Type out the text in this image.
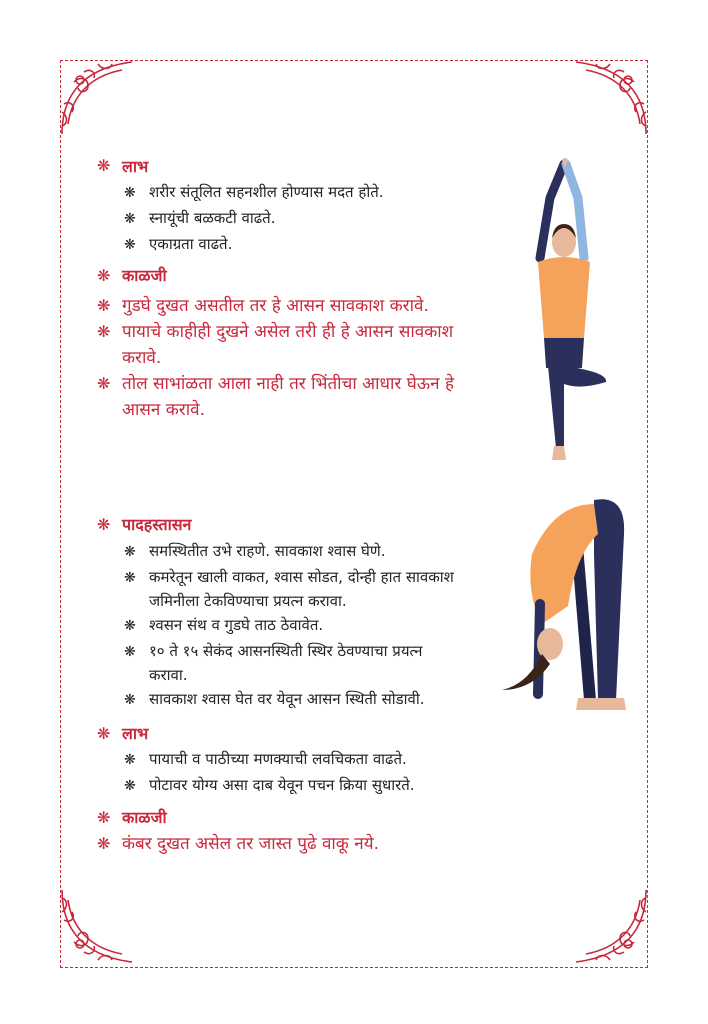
❋ लाभ
❋ शरीर संतूलित सहनशील होण्यास मदत होते.
❋ स्नायूंची बळकटी वाढते.
❋ एकाग्रता वाढते.
❋ काळजी
❋ गुडघे दुखत असतील तर हे आसन सावकाश करावे.
❋ पायाचे काहीही दुखने असेल तरी ही हे आसन सावकाश
करावे.
❋ तोल साभांळता आला नाही तर भिंतीचा आधार घेऊन हे
आसन करावे.
❋ पादहस्तासन
❋ समस्थितीत उभे राहणे. सावकाश श्‍वास घेणे.
❋ कमरेतून खाली वाकत, श्‍वास सोडत, दोन्ही हात सावकाश
जमिनीला टेकविण्याचा प्रयत्न करावा.
❋ श्‍वसन संथ व गुडघे ताठ ठेवावेत.
❋ १० ते १५ सेकंद आसनस्थिती स्थिर ठेवण्याचा प्रयत्न
करावा.
❋ सावकाश श्‍वास घेत वर येवून आसन स्थिती सोडावी.
❋ लाभ
❋ पायाची व पाठीच्या मणक्याची लवचिकता वाढते.
❋ पोटावर योग्य असा दाब येवून पचन क्रिया सुधारते.
❋ काळजी
❋ कंबर दुखत असेल तर जास्त पुढे वाकू नये.
